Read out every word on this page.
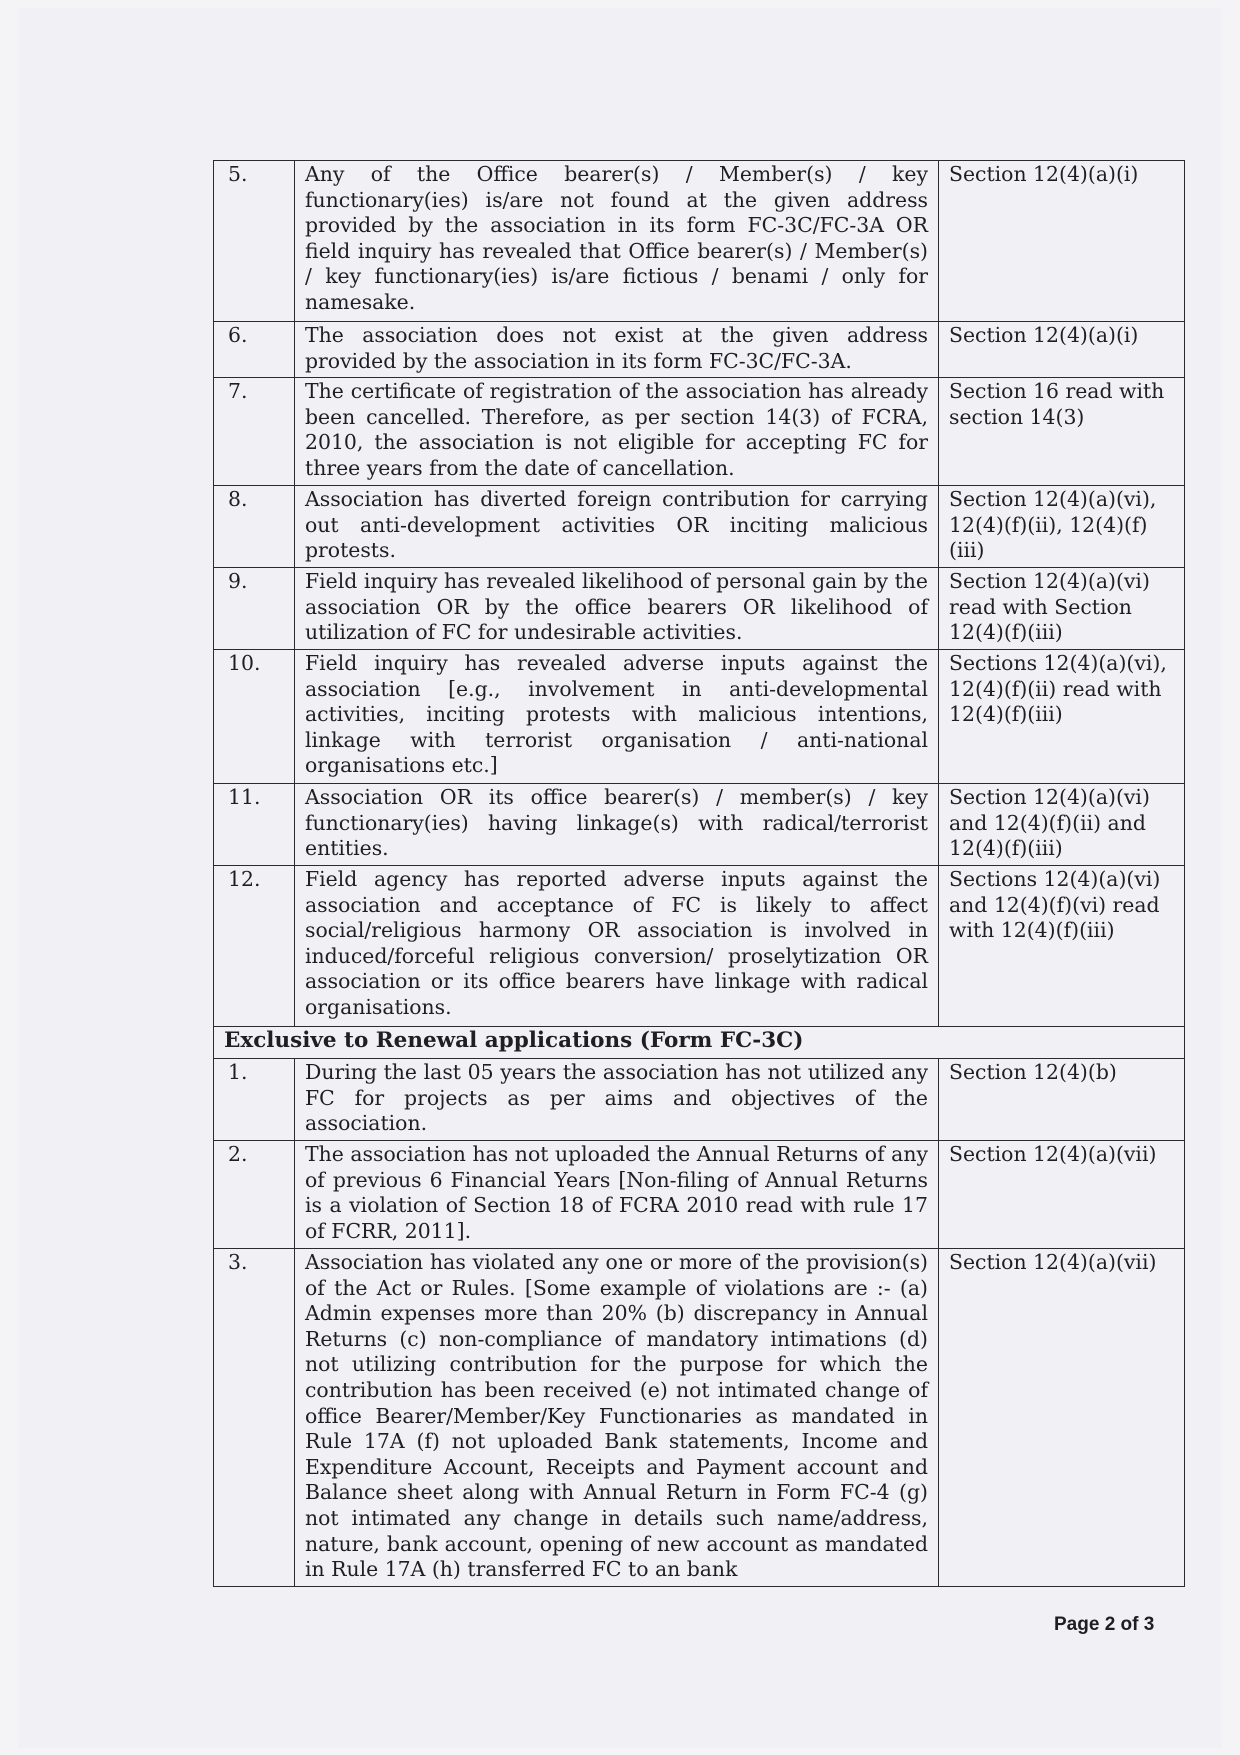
5.	Any of the Office bearer(s) / Member(s) / key functionary(ies) is/are not found at the given address provided by the association in its form FC-3C/FC-3A OR field inquiry has revealed that Office bearer(s) / Member(s) / key functionary(ies) is/are fictious / benami / only for namesake.	Section 12(4)(a)(i)
6.	The association does not exist at the given address provided by the association in its form FC-3C/FC-3A.	Section 12(4)(a)(i)
7.	The certificate of registration of the association has already been cancelled. Therefore, as per section 14(3) of FCRA, 2010, the association is not eligible for accepting FC for three years from the date of cancellation.	Section 16 read with section 14(3)
8.	Association has diverted foreign contribution for carrying out anti-development activities OR inciting malicious protests.	Section 12(4)(a)(vi), 12(4)(f)(ii), 12(4)(f)(iii)
9.	Field inquiry has revealed likelihood of personal gain by the association OR by the office bearers OR likelihood of utilization of FC for undesirable activities.	Section 12(4)(a)(vi) read with Section 12(4)(f)(iii)
10.	Field inquiry has revealed adverse inputs against the association [e.g., involvement in anti-developmental activities, inciting protests with malicious intentions, linkage with terrorist organisation / anti-national organisations etc.]	Sections 12(4)(a)(vi), 12(4)(f)(ii) read with 12(4)(f)(iii)
11.	Association OR its office bearer(s) / member(s) / key functionary(ies) having linkage(s) with radical/terrorist entities.	Section 12(4)(a)(vi) and 12(4)(f)(ii) and 12(4)(f)(iii)
12.	Field agency has reported adverse inputs against the association and acceptance of FC is likely to affect social/religious harmony OR association is involved in induced/forceful religious conversion/ proselytization OR association or its office bearers have linkage with radical organisations.	Sections 12(4)(a)(vi) and 12(4)(f)(vi) read with 12(4)(f)(iii)
Exclusive to Renewal applications (Form FC-3C)		
1.	During the last 05 years the association has not utilized any FC for projects as per aims and objectives of the association.	Section 12(4)(b)
2.	The association has not uploaded the Annual Returns of any of previous 6 Financial Years [Non-filing of Annual Returns is a violation of Section 18 of FCRA 2010 read with rule 17 of FCRR, 2011].	Section 12(4)(a)(vii)
3.	Association has violated any one or more of the provision(s) of the Act or Rules. [Some example of violations are :- (a) Admin expenses more than 20% (b) discrepancy in Annual Returns (c) non-compliance of mandatory intimations (d) not utilizing contribution for the purpose for which the contribution has been received (e) not intimated change of office Bearer/Member/Key Functionaries as mandated in Rule 17A (f) not uploaded Bank statements, Income and Expenditure Account, Receipts and Payment account and Balance sheet along with Annual Return in Form FC-4 (g) not intimated any change in details such name/address, nature, bank account, opening of new account as mandated in Rule 17A (h) transferred FC to an bank	Section 12(4)(a)(vii)
Page 2 of 3
